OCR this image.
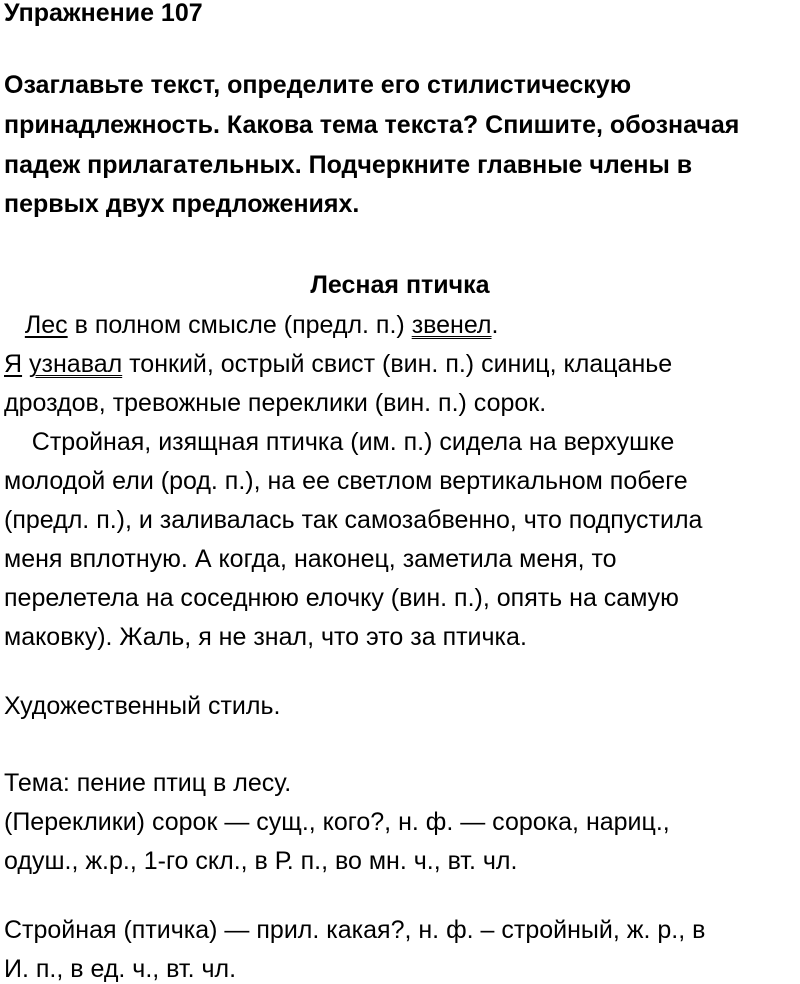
Упражнение 107
Озаглавьте текст, определите его стилистическую
принадлежность. Какова тема текста? Спишите, обозначая
падеж прилагательных. Подчеркните главные члены в
первых двух предложениях.
Лесная птичка
Лес в полном смысле (предл. п.) звенел.
Я узнавал тонкий, острый свист (вин. п.) синиц, клацанье
дроздов, тревожные переклики (вин. п.) сорок.
Стройная, изящная птичка (им. п.) сидела на верхушке
молодой ели (род. п.), на ее светлом вертикальном побеге
(предл. п.), и заливалась так самозабвенно, что подпустила
меня вплотную. А когда, наконец, заметила меня, то
перелетела на соседнюю елочку (вин. п.), опять на самую
маковку). Жаль, я не знал, что это за птичка.
Художественный стиль.
Тема: пение птиц в лесу.
(Переклики) сорок — сущ., кого?, н. ф. — сорока, нариц.,
одуш., ж.р., 1-го скл., в Р. п., во мн. ч., вт. чл.
Стройная (птичка) — прил. какая?, н. ф. – стройный, ж. р., в
И. п., в ед. ч., вт. чл.
